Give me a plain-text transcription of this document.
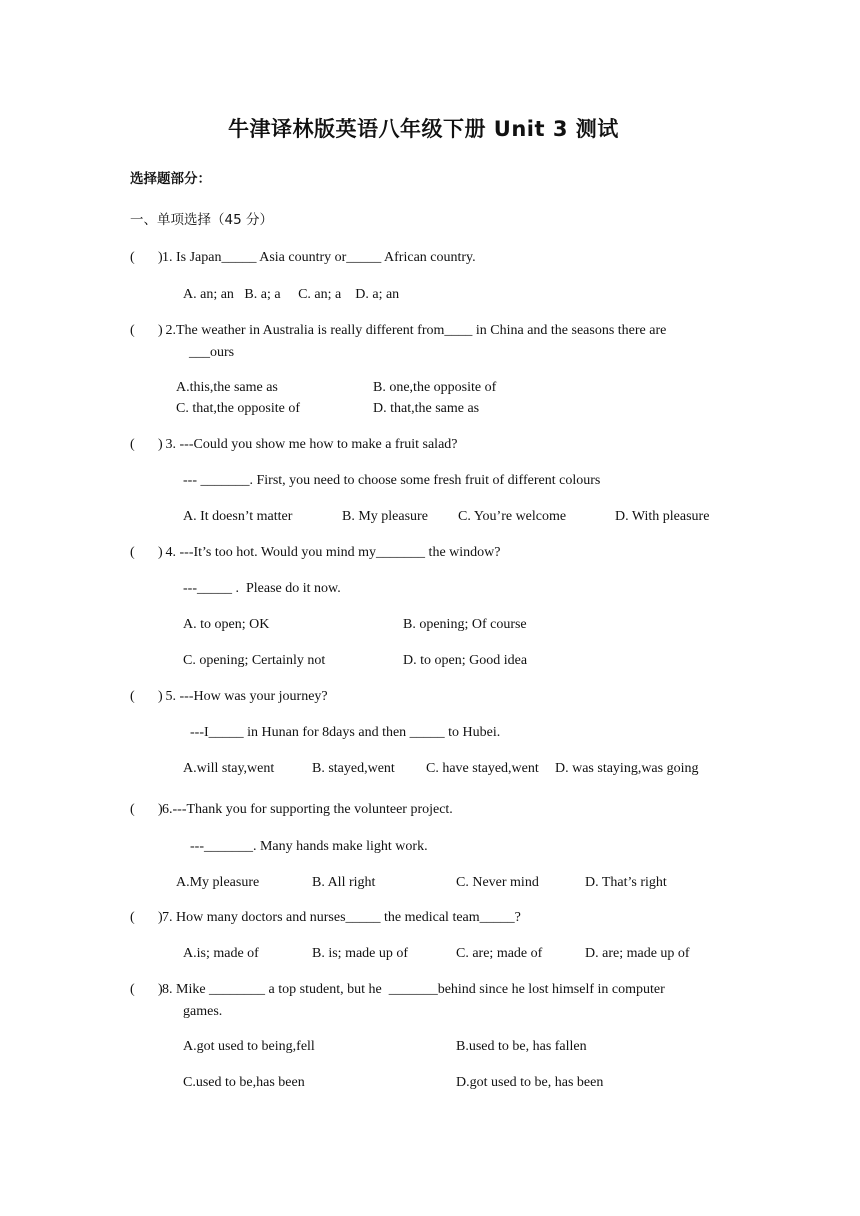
牛津译林版英语八年级下册 Unit 3 测试
选择题部分：
一、单项选择（45 分）
( ) 1. Is Japan_____ Asia country or_____ African country.
A. an; an   B. a; a     C. an; a    D. a; an
( ) 2.The weather in Australia is really different from____ in China and the seasons there are
___ours
A.this,the same as	B. one,the opposite of
C. that,the opposite of	D. that,the same as
( ) 3. ---Could you show me how to make a fruit salad?
--- _______. First, you need to choose some fresh fruit of different colours
A. It doesn’t matter	B. My pleasure C. You’re welcome	D. With pleasure
( ) 4. ---It’s too hot. Would you mind my_______ the window?
---_____ .  Please do it now.
A. to open; OK	B. opening; Of course
C. opening; Certainly not	D. to open; Good idea
( ) 5. ---How was your journey?
---I_____ in Hunan for 8days and then _____ to Hubei.
A.will stay,went	B. stayed,went C. have stayed,went D. was staying,was going
( ) 6.---Thank you for supporting the volunteer project.
---_______. Many hands make light work.
A.My pleasure	B. All right	C. Never mind	D. That’s right
( ) 7. How many doctors and nurses_____ the medical team_____?
A.is; made of	B. is; made up of	C. are; made of	D. are; made up of
( ) 8. Mike ________ a top student, but he  _______behind since he lost himself in computer
games.
A.got used to being,fell	B.used to be, has fallen
C.used to be,has been	D.got used to be, has been
